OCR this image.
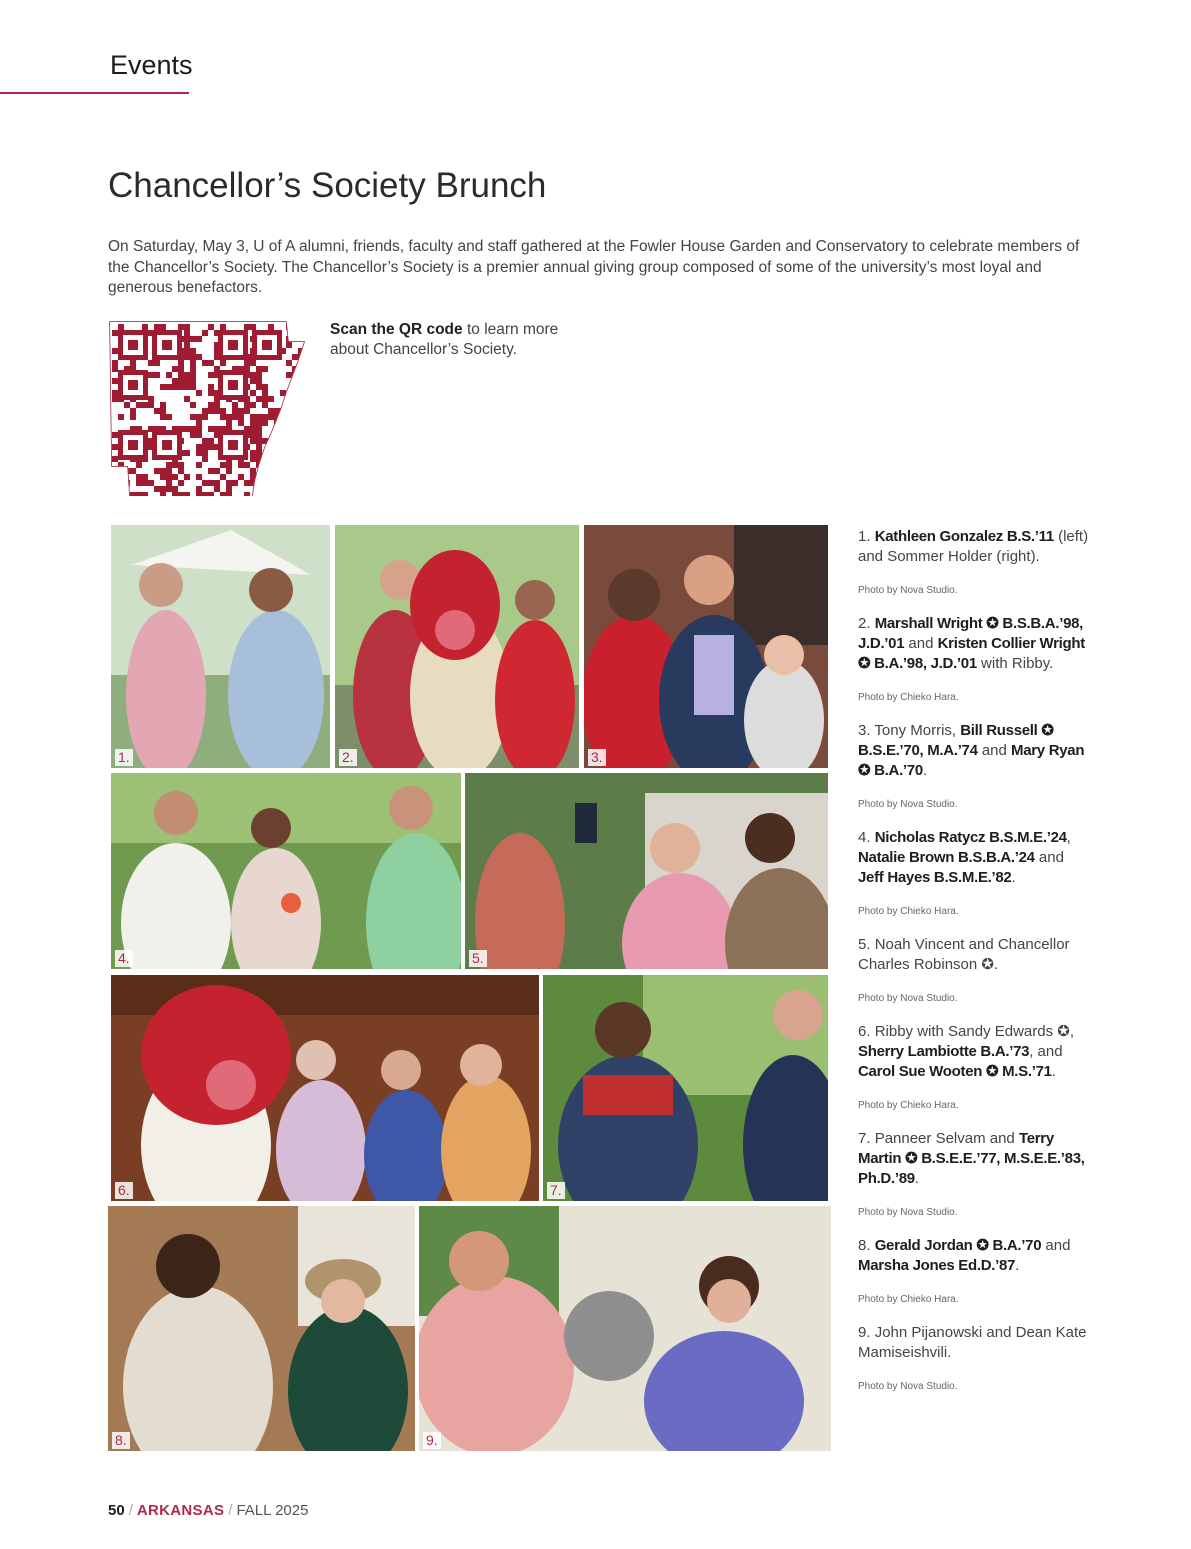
Events
Chancellor’s Society Brunch

On Saturday, May 3, U of A alumni, friends, faculty and staff gathered at the Fowler House Garden and Conservatory to celebrate members of the Chancellor’s Society. The Chancellor’s Society is a premier annual giving group composed of some of the university’s most loyal and generous benefactors.

Scan the QR code to learn more about Chancellor’s Society.
1.	2.	3.
4.	5.
6.	7.
8.	9.
1. Kathleen Gonzalez B.S.’11 (left) and Sommer Holder (right).
Photo by Nova Studio.
2. Marshall Wright ✪ B.S.B.A.’98, J.D.’01 and Kristen Collier Wright ✪ B.A.’98, J.D.’01 with Ribby.
Photo by Chieko Hara.
3. Tony Morris, Bill Russell ✪ B.S.E.’70, M.A.’74 and Mary Ryan ✪ B.A.’70.
Photo by Nova Studio.
4. Nicholas Ratycz B.S.M.E.’24, Natalie Brown B.S.B.A.’24 and Jeff Hayes B.S.M.E.’82.
Photo by Chieko Hara.
5. Noah Vincent and Chancellor Charles Robinson ✪.
Photo by Nova Studio.
6. Ribby with Sandy Edwards ✪, Sherry Lambiotte B.A.’73, and Carol Sue Wooten ✪ M.S.’71.
Photo by Chieko Hara.
7. Panneer Selvam and Terry Martin ✪ B.S.E.E.’77, M.S.E.E.’83, Ph.D.’89.
Photo by Nova Studio.
8. Gerald Jordan ✪ B.A.’70 and Marsha Jones Ed.D.’87.
Photo by Chieko Hara.
9. John Pijanowski and Dean Kate Mamiseishvili.
Photo by Nova Studio.
50 / ARKANSAS / FALL 2025
